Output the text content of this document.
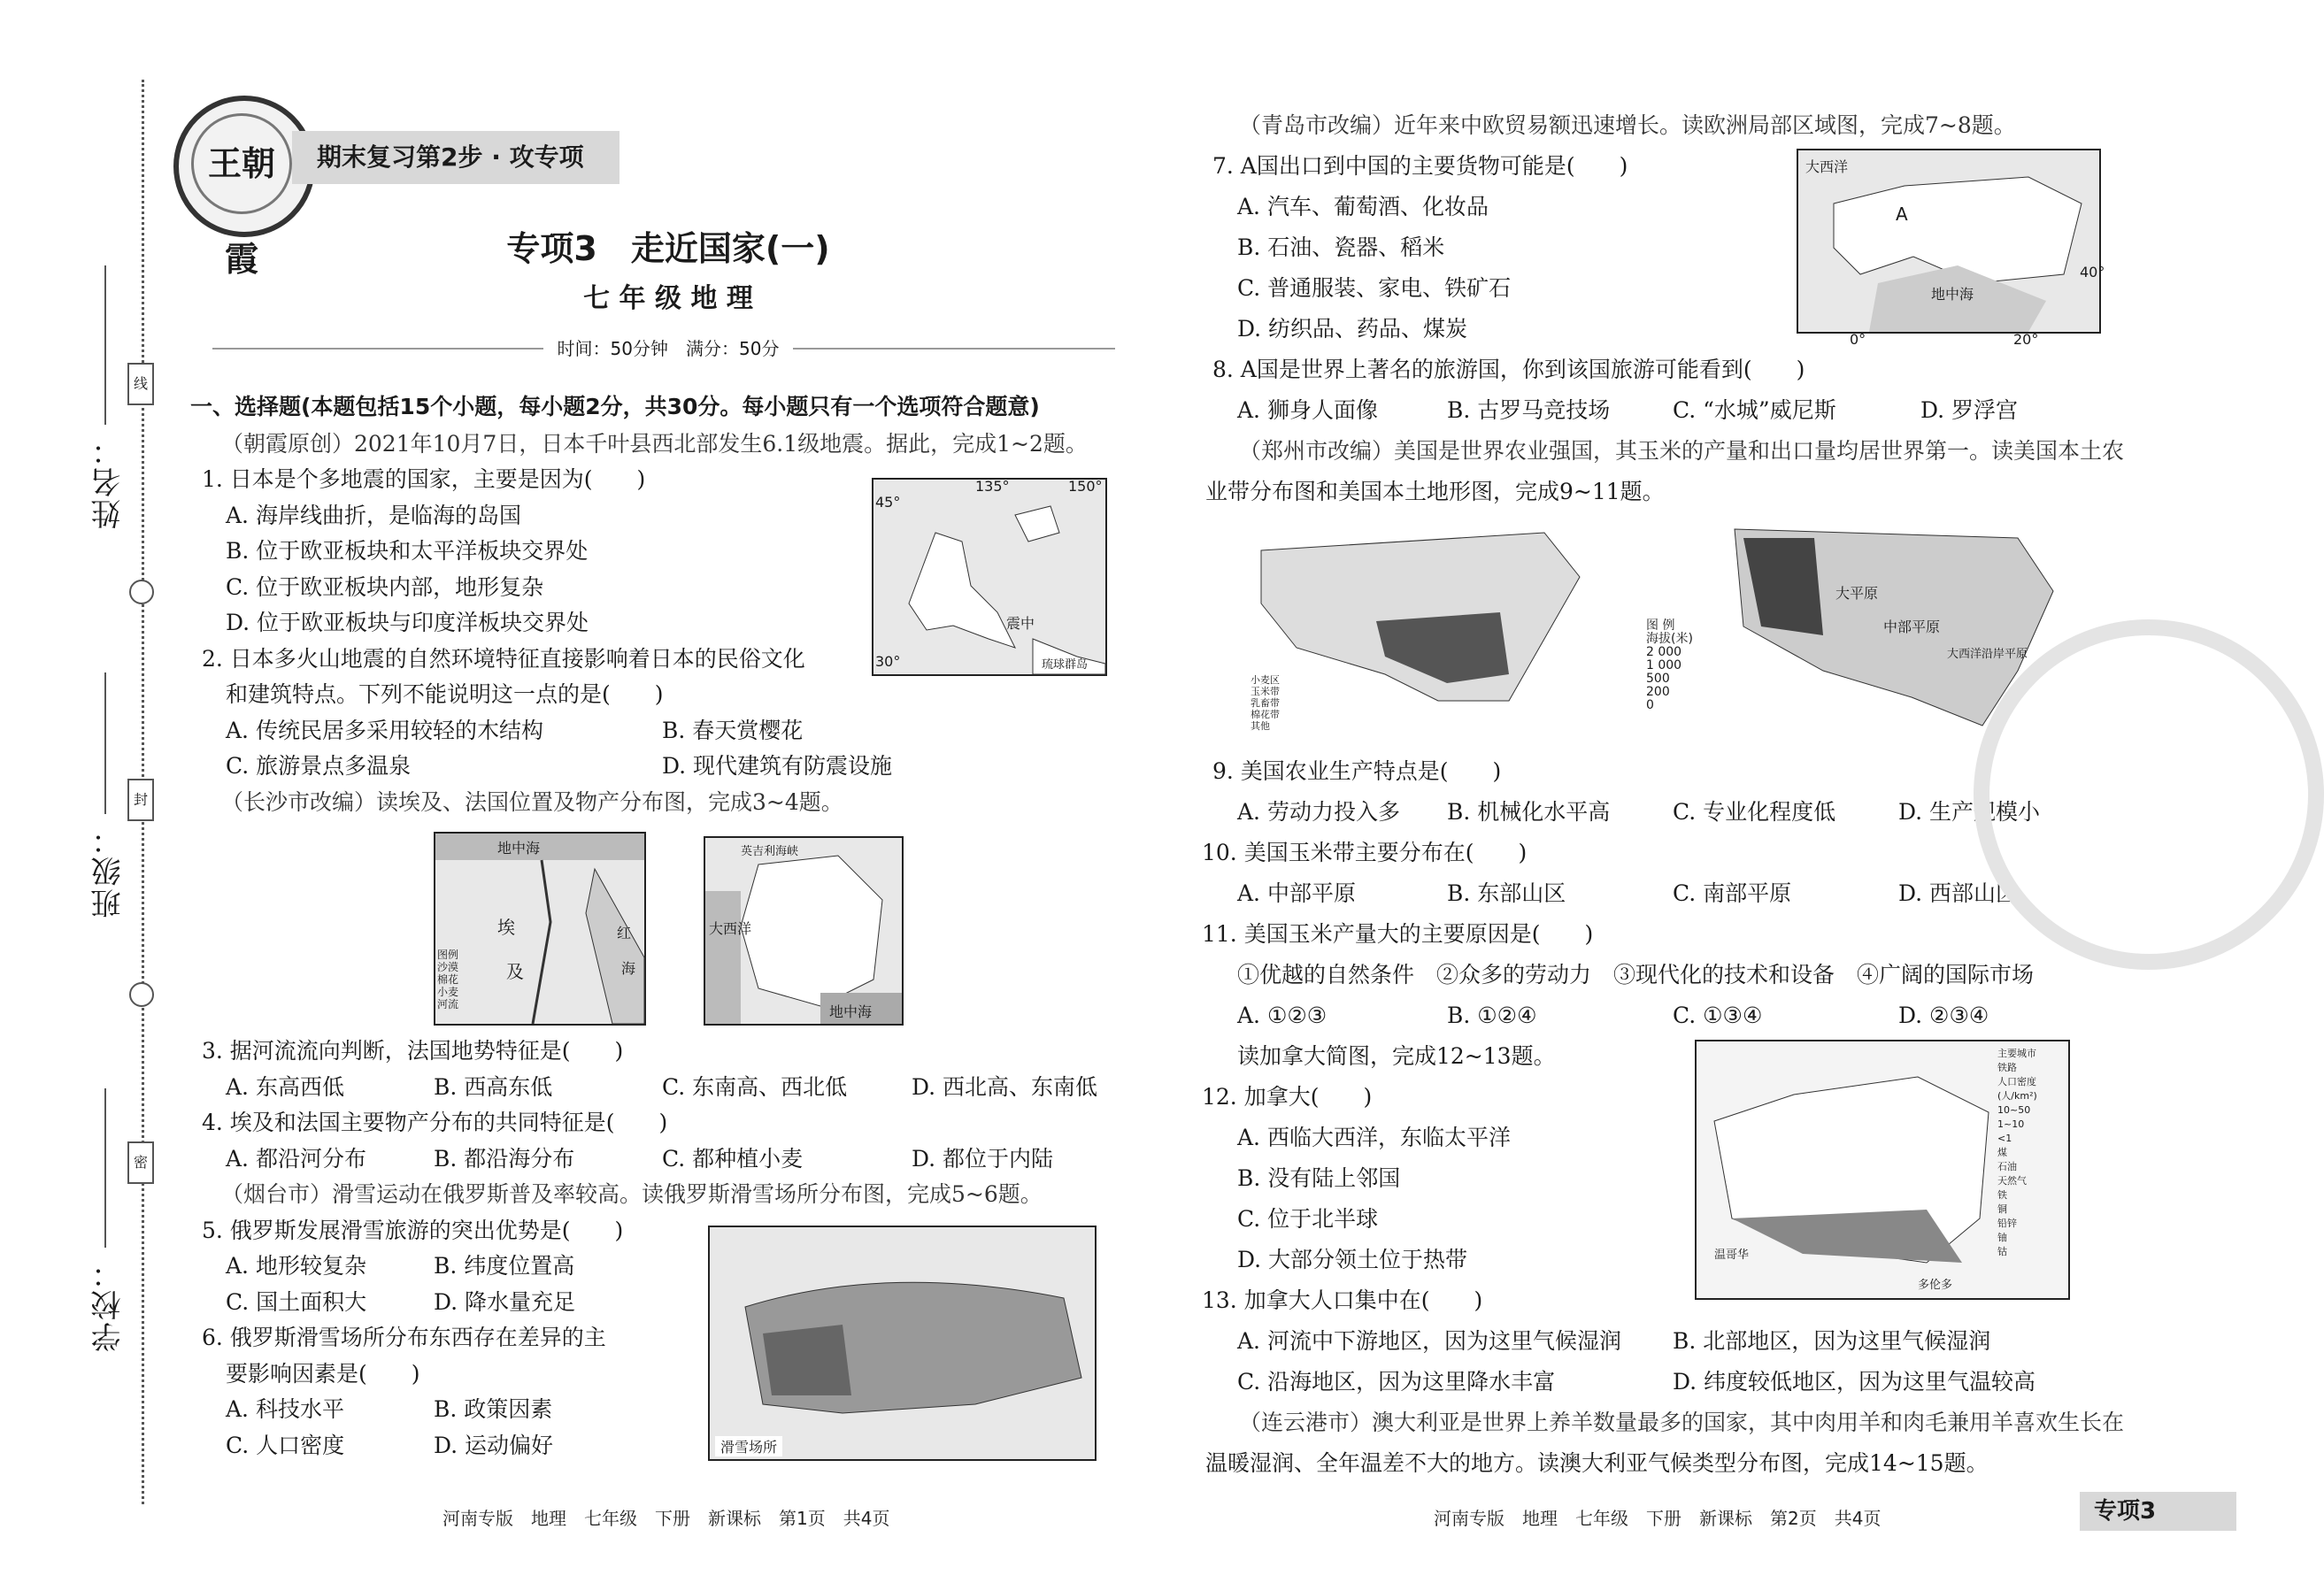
姓名：
班级：
学校：
线
封
密
王朝霞
期末复习第2步 · 攻专项
专项3　走近国家(一)
七 年 级 地 理
时间：50分钟　满分：50分
一、选择题(本题包括15个小题，每小题2分，共30分。每小题只有一个选项符合题意)
（朝霞原创）2021年10月7日，日本千叶县西北部发生6.1级地震。据此，完成1~2题。
1. 日本是个多地震的国家，主要是因为(　　)
A. 海岸线曲折，是临海的岛国
B. 位于欧亚板块和太平洋板块交界处
C. 位于欧亚板块内部，地形复杂
D. 位于欧亚板块与印度洋板块交界处
2. 日本多火山地震的自然环境特征直接影响着日本的民俗文化
和建筑特点。下列不能说明这一点的是(　　)
A. 传统民居多采用较轻的木结构	B. 春天赏樱花
C. 旅游景点多温泉	D. 现代建筑有防震设施
（长沙市改编）读埃及、法国位置及物产分布图，完成3~4题。
3. 据河流流向判断，法国地势特征是(　　)
A. 东高西低	B. 西高东低	C. 东南高、西北低	D. 西北高、东南低
4. 埃及和法国主要物产分布的共同特征是(　　)
A. 都沿河分布	B. 都沿海分布	C. 都种植小麦	D. 都位于内陆
（烟台市）滑雪运动在俄罗斯普及率较高。读俄罗斯滑雪场所分布图，完成5~6题。
5. 俄罗斯发展滑雪旅游的突出优势是(　　)
A. 地形较复杂	B. 纬度位置高
C. 国土面积大	D. 降水量充足
6. 俄罗斯滑雪场所分布东西存在差异的主
要影响因素是(　　)
A. 科技水平	B. 政策因素
C. 人口密度	D. 运动偏好
（青岛市改编）近年来中欧贸易额迅速增长。读欧洲局部区域图，完成7~8题。
7. A国出口到中国的主要货物可能是(　　)
A. 汽车、葡萄酒、化妆品
B. 石油、瓷器、稻米
C. 普通服装、家电、铁矿石
D. 纺织品、药品、煤炭
8. A国是世界上著名的旅游国，你到该国旅游可能看到(　　)
A. 狮身人面像	B. 古罗马竞技场	C. “水城”威尼斯	D. 罗浮宫
（郑州市改编）美国是世界农业强国，其玉米的产量和出口量均居世界第一。读美国本土农
业带分布图和美国本土地形图，完成9~11题。
9. 美国农业生产特点是(　　)
A. 劳动力投入多 B. 机械化水平高	C. 专业化程度低	D. 生产规模小
10. 美国玉米带主要分布在(　　)
A. 中部平原	B. 东部山区	C. 南部平原	D. 西部山区
11. 美国玉米产量大的主要原因是(　　)
①优越的自然条件　②众多的劳动力　③现代化的技术和设备　④广阔的国际市场
A. ①②③	B. ①②④	C. ①③④	D. ②③④
读加拿大简图，完成12~13题。
12. 加拿大(　　)
A. 西临大西洋，东临太平洋
B. 没有陆上邻国
C. 位于北半球
D. 大部分领土位于热带
13. 加拿大人口集中在(　　)
A. 河流中下游地区，因为这里气候湿润 B. 北部地区，因为这里气候湿润
C. 沿海地区，因为这里降水丰富	D. 纬度较低地区，因为这里气温较高
（连云港市）澳大利亚是世界上养羊数量最多的国家，其中肉用羊和肉毛兼用羊喜欢生长在
温暖湿润、全年温差不大的地方。读澳大利亚气候类型分布图，完成14~15题。
135°	150°
45°
30°
震中
琉球群岛
地中海
埃
及
红
海
图例
沙漠
棉花
小麦
河流
英吉利海峡
大西洋
地中海
滑雪场所
大西洋
A
地中海
40°
0°	20°
小麦区
玉米带
乳畜带
棉花带
其他
大平原
中部平原
大西洋沿岸平原
图 例
海拔(米)
2 000
1 000
500
200
0
温哥华
多伦多
主要城市
铁路
人口密度(人/km²)
10~50
1~10
<1
煤
石油
天然气
铁
铜
铅锌
铀
钴
河南专版　地理　七年级　下册　新课标　第1页　共4页	河南专版　地理　七年级　下册　新课标　第2页　共4页	专项3
